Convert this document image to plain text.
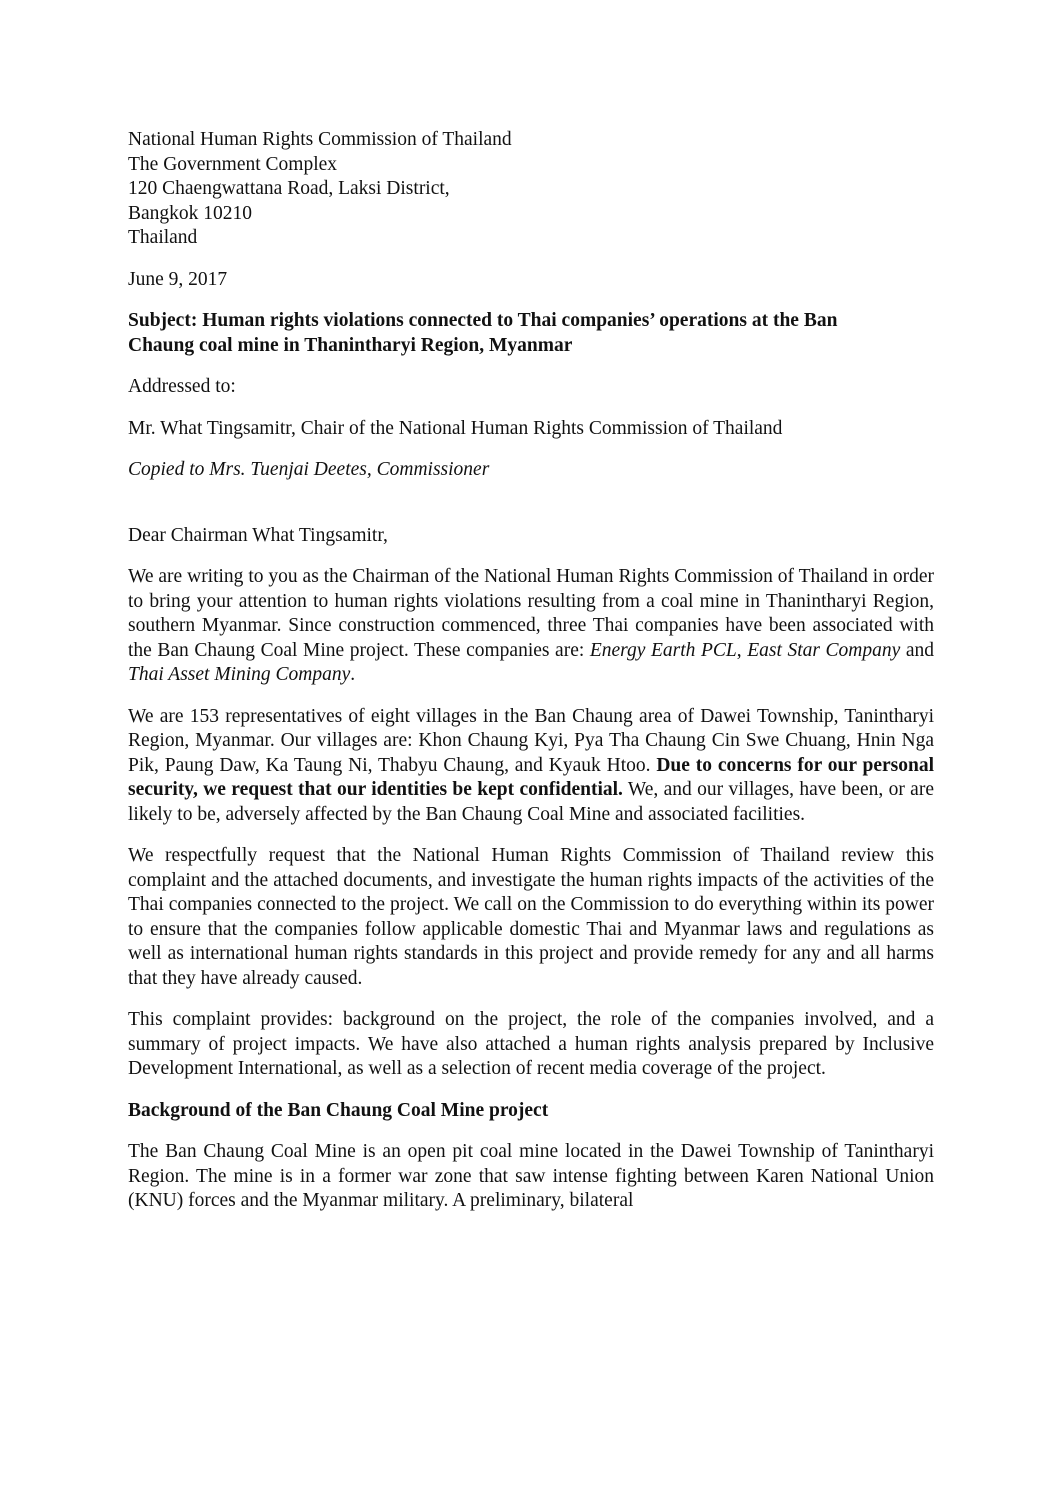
National Human Rights Commission of Thailand
The Government Complex
120 Chaengwattana Road, Laksi District,
Bangkok 10210
Thailand

June 9, 2017

Subject: Human rights violations connected to Thai companies’ operations at the Ban
Chaung coal mine in Thanintharyi Region, Myanmar

Addressed to:

Mr. What Tingsamitr, Chair of the National Human Rights Commission of Thailand

Copied to Mrs. Tuenjai Deetes, Commissioner

Dear Chairman What Tingsamitr,

We are writing to you as the Chairman of the National Human Rights Commission of Thailand in order to bring your attention to human rights violations resulting from a coal mine in Thanintharyi Region, southern Myanmar. Since construction commenced, three Thai companies have been associated with the Ban Chaung Coal Mine project. These companies are: Energy Earth PCL, East Star Company and Thai Asset Mining Company.

We are 153 representatives of eight villages in the Ban Chaung area of Dawei Township, Tanintharyi Region, Myanmar. Our villages are: Khon Chaung Kyi, Pya Tha Chaung Cin Swe Chuang, Hnin Nga Pik, Paung Daw, Ka Taung Ni, Thabyu Chaung, and Kyauk Htoo. Due to concerns for our personal security, we request that our identities be kept confidential. We, and our villages, have been, or are likely to be, adversely affected by the Ban Chaung Coal Mine and associated facilities.

We respectfully request that the National Human Rights Commission of Thailand review this complaint and the attached documents, and investigate the human rights impacts of the activities of the Thai companies connected to the project. We call on the Commission to do everything within its power to ensure that the companies follow applicable domestic Thai and Myanmar laws and regulations as well as international human rights standards in this project and provide remedy for any and all harms that they have already caused.

This complaint provides: background on the project, the role of the companies involved, and a summary of project impacts. We have also attached a human rights analysis prepared by Inclusive Development International, as well as a selection of recent media coverage of the project.

Background of the Ban Chaung Coal Mine project

The Ban Chaung Coal Mine is an open pit coal mine located in the Dawei Township of Tanintharyi Region. The mine is in a former war zone that saw intense fighting between Karen National Union (KNU) forces and the Myanmar military. A preliminary, bilateral
